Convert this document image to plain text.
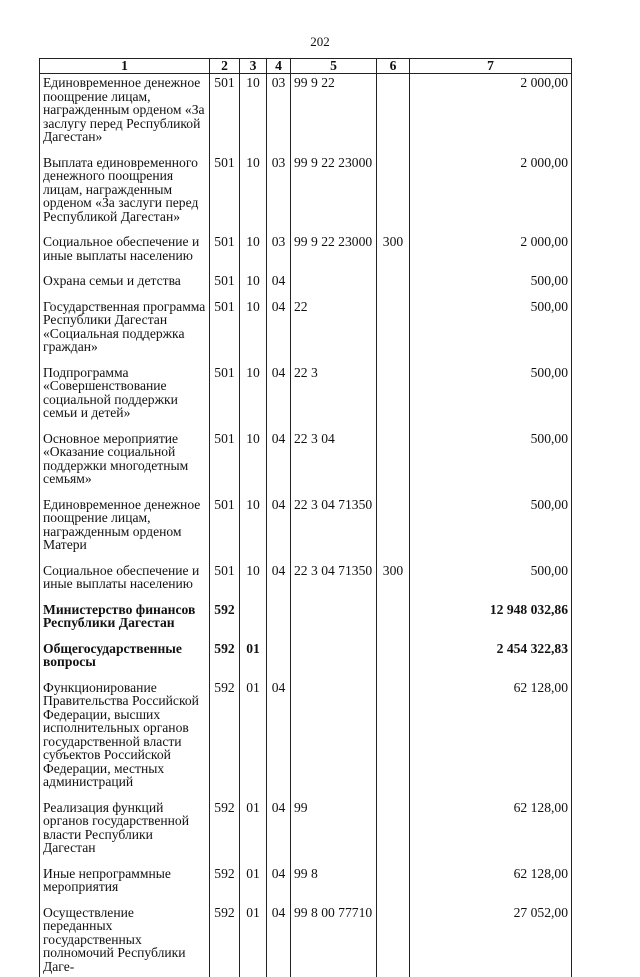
202
1	2	3	4	5	6	7
Единовременное денежное поощрение лицам, награжденным орденом «За заслугу перед Республикой Дагестан»	501	10	03	99 9 22		2 000,00
Выплата единовременного денежного поощрения лицам, награжденным орденом «За заслуги перед Республикой Дагестан»	501	10	03	99 9 22 23000		2 000,00
Социальное обеспечение и иные выплаты населению	501	10	03	99 9 22 23000	300	2 000,00
Охрана семьи и детства	501	10	04			500,00
Государственная программа Республики Дагестан «Социальная поддержка граждан»	501	10	04	22		500,00
Подпрограмма «Совершенствование социальной поддержки семьи и детей»	501	10	04	22 3		500,00
Основное мероприятие «Оказание социальной поддержки многодетным семьям»	501	10	04	22 3 04		500,00
Единовременное денежное поощрение лицам, награжденным орденом Матери	501	10	04	22 3 04 71350		500,00
Социальное обеспечение и иные выплаты населению	501	10	04	22 3 04 71350	300	500,00
Министерство финансов Республики Дагестан	592					12 948 032,86
Общегосударственные вопросы	592	01				2 454 322,83
Функционирование Правительства Российской Федерации, высших исполнительных органов государственной власти субъектов Российской Федерации, местных администраций	592	01	04			62 128,00
Реализация функций органов государственной власти Республики Дагестан	592	01	04	99		62 128,00
Иные непрограммные мероприятия	592	01	04	99 8		62 128,00
Осуществление переданных государственных полномочий Республики Даге-	592	01	04	99 8 00 77710		27 052,00
